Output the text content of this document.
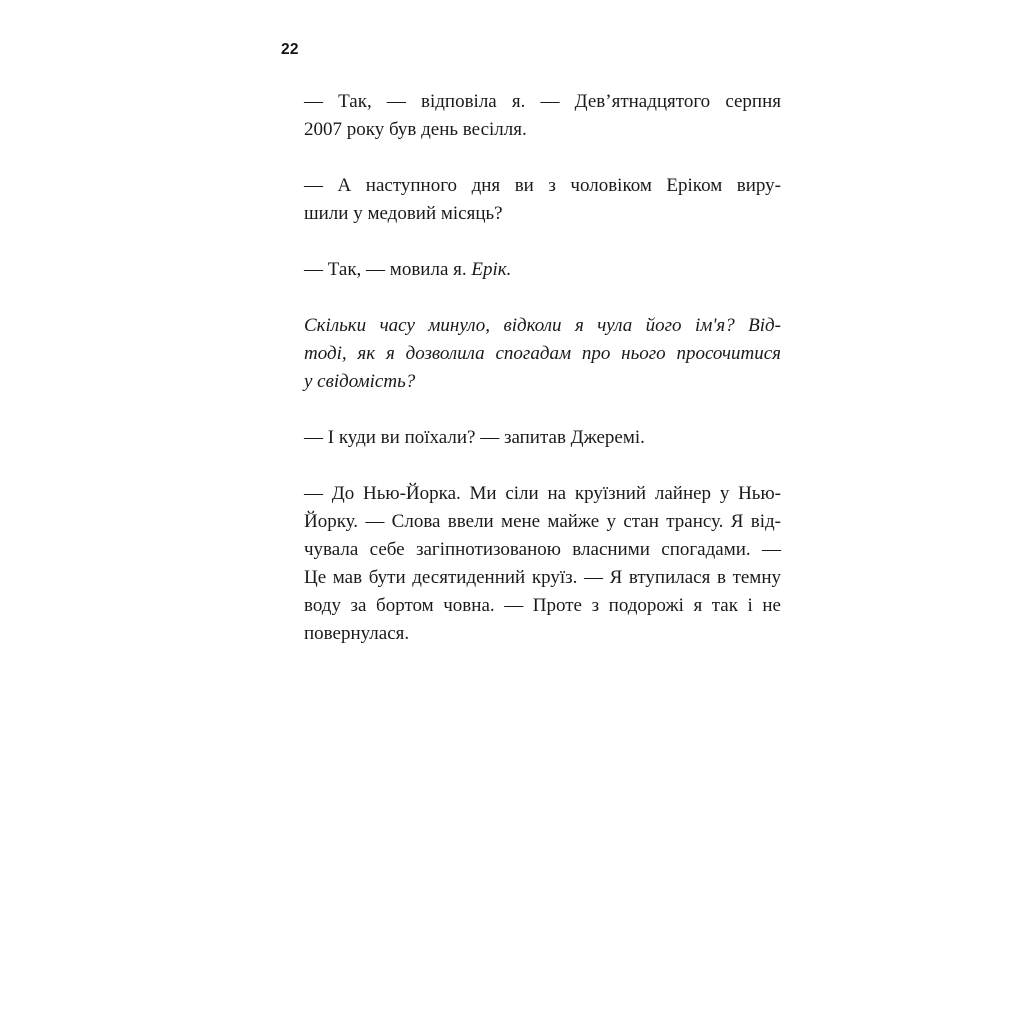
22

— Так, — відповіла я. — Дев’ятнадцятого серпня
2007 року був день весілля.

— А наступного дня ви з чоловіком Еріком виру-
шили у медовий місяць?

— Так, — мовила я. Ерік.

Скільки часу минуло, відколи я чула його ім'я? Від-
тоді, як я дозволила спогадам про нього просочитися
у свідомість?

— І куди ви поїхали? — запитав Джеремі.

— До Нью-Йорка. Ми сіли на круїзний лайнер у Нью-
Йорку. — Слова ввели мене майже у стан трансу. Я від-
чувала себе загіпнотизованою власними спогадами. —
Це мав бути десятиденний круїз. — Я втупилася в темну
воду за бортом човна. — Проте з подорожі я так і не
повернулася.
